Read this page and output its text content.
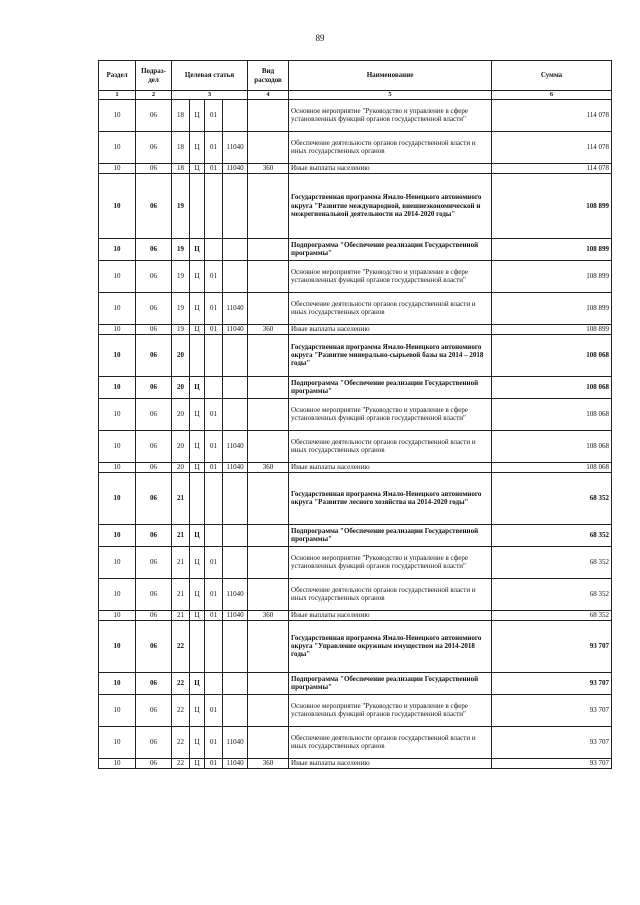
89
Раздел	Подраз-дел	Целевая статья				Вид расходов	Наименование	Сумма
1	2	3				4	5	6
10	06	18	Ц	01			Основное мероприятие "Руководство и управление в сфере установленных функций органов государственной власти"	114 078
10	06	18	Ц	01	11040		Обеспечение деятельности органов государственной власти и иных государственных органов	114 078
10	06	18	Ц	01	11040	360	Иные выплаты населению	114 078
10	06	19					Государственная программа Ямало-Ненецкого автономного округа "Развитие международной, внешнеэкономической и межрегиональной деятельности на 2014-2020 годы"	108 899
10	06	19	Ц				Подпрограмма "Обеспечение реализации Государственной программы"	108 899
10	06	19	Ц	01			Основное мероприятие "Руководство и управление в сфере установленных функций органов государственной власти"	108 899
10	06	19	Ц	01	11040		Обеспечение деятельности органов государственной власти и иных государственных органов	108 899
10	06	19	Ц	01	11040	360	Иные выплаты населению	108 899
10	06	20					Государственная программа Ямало-Ненецкого автономного округа "Развитие минерально-сырьевой базы на 2014 – 2018 годы"	108 068
10	06	20	Ц				Подпрограмма "Обеспечение реализации Государственной программы"	108 068
10	06	20	Ц	01			Основное мероприятие "Руководство и управление в сфере установленных функций органов государственной власти"	108 068
10	06	20	Ц	01	11040		Обеспечение деятельности органов государственной власти и иных государственных органов	108 068
10	06	20	Ц	01	11040	360	Иные выплаты населению	108 068
10	06	21					Государственная программа Ямало-Ненецкого автономного округа "Развитие лесного хозяйства на 2014-2020 годы"	68 352
10	06	21	Ц				Подпрограмма "Обеспечение реализации Государственной программы"	68 352
10	06	21	Ц	01			Основное мероприятие "Руководство и управление в сфере установленных функций органов государственной власти"	68 352
10	06	21	Ц	01	11040		Обеспечение деятельности органов государственной власти и иных государственных органов	68 352
10	06	21	Ц	01	11040	360	Иные выплаты населению	68 352
10	06	22					Государственная программа Ямало-Ненецкого автономного округа "Управление окружным имуществом на 2014-2018 годы"	93 707
10	06	22	Ц				Подпрограмма "Обеспечение реализации Государственной программы"	93 707
10	06	22	Ц	01			Основное мероприятие "Руководство и управление в сфере установленных функций органов государственной власти"	93 707
10	06	22	Ц	01	11040		Обеспечение деятельности органов государственной власти и иных государственных органов	93 707
10	06	22	Ц	01	11040	360	Иные выплаты населению	93 707
